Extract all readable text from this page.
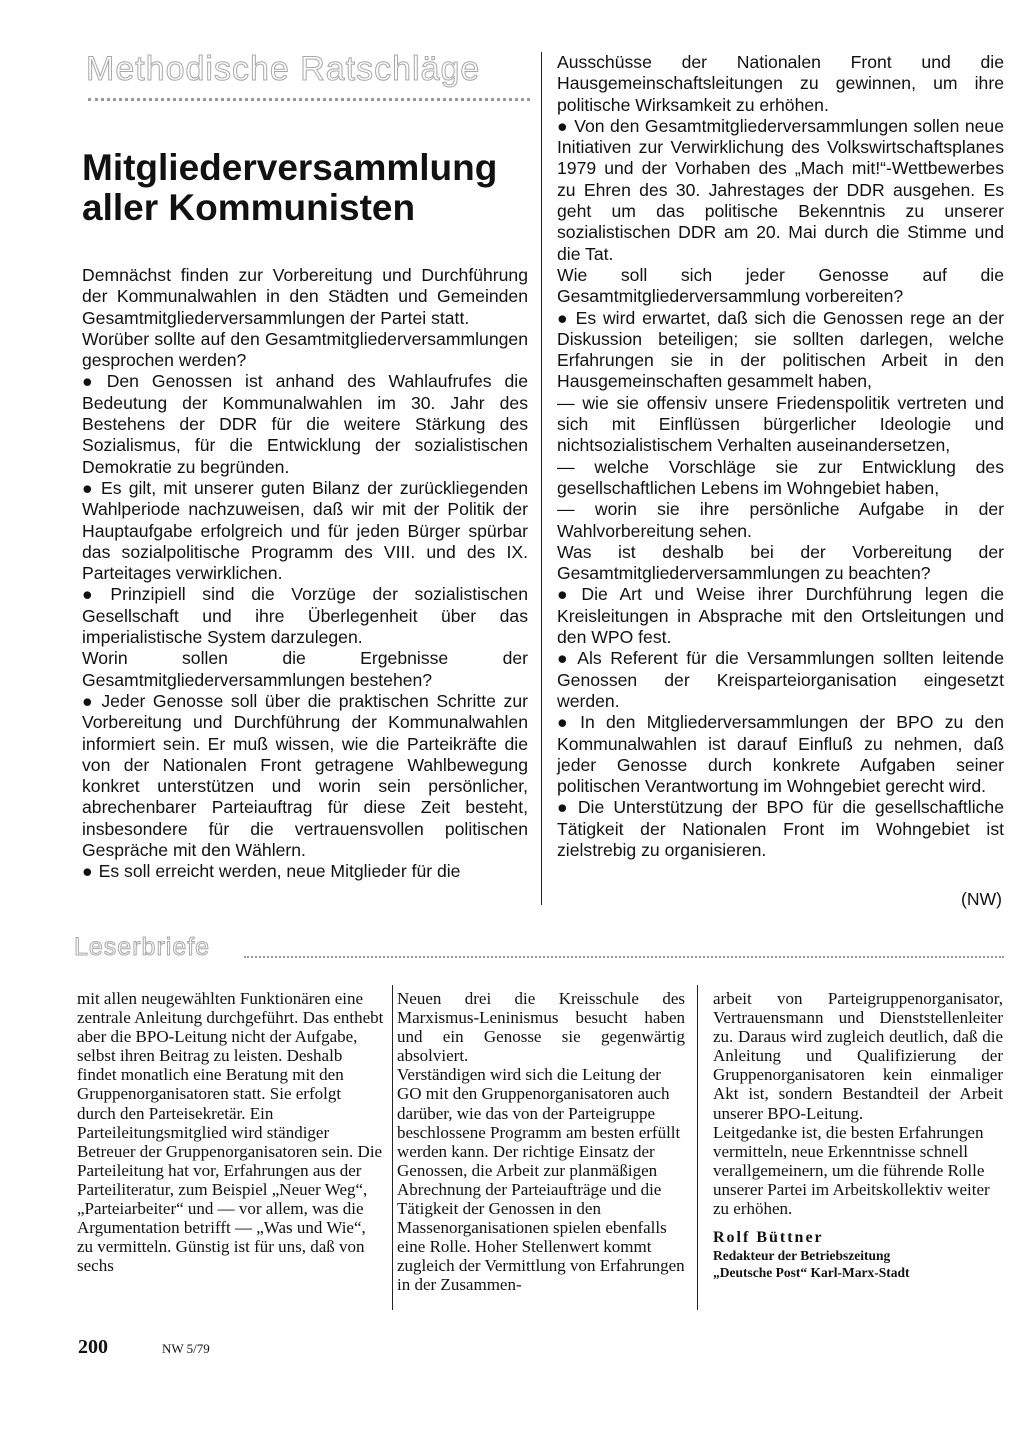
Methodische Ratschläge
Mitgliederversammlung
aller Kommunisten

Demnächst finden zur Vorbereitung und Durchführung der Kommunalwahlen in den Städten und Gemeinden Gesamtmitgliederversammlungen der Partei statt.

Worüber sollte auf den Gesamtmitgliederversammlungen gesprochen werden?

● Den Genossen ist anhand des Wahlaufrufes die Bedeutung der Kommunalwahlen im 30. Jahr des Bestehens der DDR für die weitere Stärkung des Sozialismus, für die Entwicklung der sozialistischen Demokratie zu begründen.

● Es gilt, mit unserer guten Bilanz der zurückliegenden Wahlperiode nachzuweisen, daß wir mit der Politik der Hauptaufgabe erfolgreich und für jeden Bürger spürbar das sozialpolitische Programm des VIII. und des IX. Parteitages verwirklichen.

● Prinzipiell sind die Vorzüge der sozialistischen Gesellschaft und ihre Überlegenheit über das imperialistische System darzulegen.

Worin sollen die Ergebnisse der Gesamtmitgliederversammlungen bestehen?

● Jeder Genosse soll über die praktischen Schritte zur Vorbereitung und Durchführung der Kommunalwahlen informiert sein. Er muß wissen, wie die Parteikräfte die von der Nationalen Front getragene Wahlbewegung konkret unterstützen und worin sein persönlicher, abrechenbarer Parteiauftrag für diese Zeit besteht, insbesondere für die vertrauensvollen politischen Gespräche mit den Wählern.

● Es soll erreicht werden, neue Mitglieder für die

Ausschüsse der Nationalen Front und die Hausgemeinschaftsleitungen zu gewinnen, um ihre politische Wirksamkeit zu erhöhen.

● Von den Gesamtmitgliederversammlungen sollen neue Initiativen zur Verwirklichung des Volkswirtschaftsplanes 1979 und der Vorhaben des „Mach mit!“-Wettbewerbes zu Ehren des 30. Jahrestages der DDR ausgehen. Es geht um das politische Bekenntnis zu unserer sozialistischen DDR am 20. Mai durch die Stimme und die Tat.

Wie soll sich jeder Genosse auf die Gesamtmitgliederversammlung vorbereiten?

● Es wird erwartet, daß sich die Genossen rege an der Diskussion beteiligen; sie sollten darlegen, welche Erfahrungen sie in der politischen Arbeit in den Hausgemeinschaften gesammelt haben,

— wie sie offensiv unsere Friedenspolitik vertreten und sich mit Einflüssen bürgerlicher Ideologie und nichtsozialistischem Verhalten auseinandersetzen,

— welche Vorschläge sie zur Entwicklung des gesellschaftlichen Lebens im Wohngebiet haben,

— worin sie ihre persönliche Aufgabe in der Wahlvorbereitung sehen.

Was ist deshalb bei der Vorbereitung der Gesamtmitgliederversammlungen zu beachten?

● Die Art und Weise ihrer Durchführung legen die Kreisleitungen in Absprache mit den Ortsleitungen und den WPO fest.

● Als Referent für die Versammlungen sollten leitende Genossen der Kreisparteiorganisation eingesetzt werden.

● In den Mitgliederversammlungen der BPO zu den Kommunalwahlen ist darauf Einfluß zu nehmen, daß jeder Genosse durch konkrete Aufgaben seiner politischen Verantwortung im Wohngebiet gerecht wird.

● Die Unterstützung der BPO für die gesellschaftliche Tätigkeit der Nationalen Front im Wohngebiet ist zielstrebig zu organisieren.

(NW)
Leserbriefe

mit allen neugewählten Funktionären eine zentrale Anleitung durchgeführt. Das enthebt aber die BPO-Leitung nicht der Aufgabe, selbst ihren Beitrag zu leisten. Deshalb findet monatlich eine Beratung mit den Gruppenorganisatoren statt. Sie erfolgt durch den Parteisekretär. Ein Parteileitungsmitglied wird ständiger Betreuer der Gruppenorganisatoren sein. Die Parteileitung hat vor, Erfahrungen aus der Parteiliteratur, zum Beispiel „Neuer Weg“, „Parteiarbeiter“ und — vor allem, was die Argumentation betrifft — „Was und Wie“, zu vermitteln. Günstig ist für uns, daß von sechs

Neuen drei die Kreisschule des Marxismus-Leninismus besucht haben und ein Genosse sie gegenwärtig absolviert.

Verständigen wird sich die Leitung der GO mit den Gruppenorganisatoren auch darüber, wie das von der Parteigruppe beschlossene Programm am besten erfüllt werden kann. Der richtige Einsatz der Genossen, die Arbeit zur planmäßigen Abrechnung der Parteiaufträge und die Tätigkeit der Genossen in den Massenorganisationen spielen ebenfalls eine Rolle. Hoher Stellenwert kommt zugleich der Vermittlung von Erfahrungen in der Zusammen-

arbeit von Parteigruppenorganisator, Vertrauensmann und Dienststellenleiter zu. Daraus wird zugleich deutlich, daß die Anleitung und Qualifizierung der Gruppenorganisatoren kein einmaliger Akt ist, sondern Bestandteil der Arbeit unserer BPO-Leitung.

Leitgedanke ist, die besten Erfahrungen vermitteln, neue Erkenntnisse schnell verallgemeinern, um die führende Rolle unserer Partei im Arbeitskollektiv weiter zu erhöhen.

Rolf Büttner

Redakteur der Betriebszeitung

„Deutsche Post“ Karl-Marx-Stadt

200	NW 5/79
